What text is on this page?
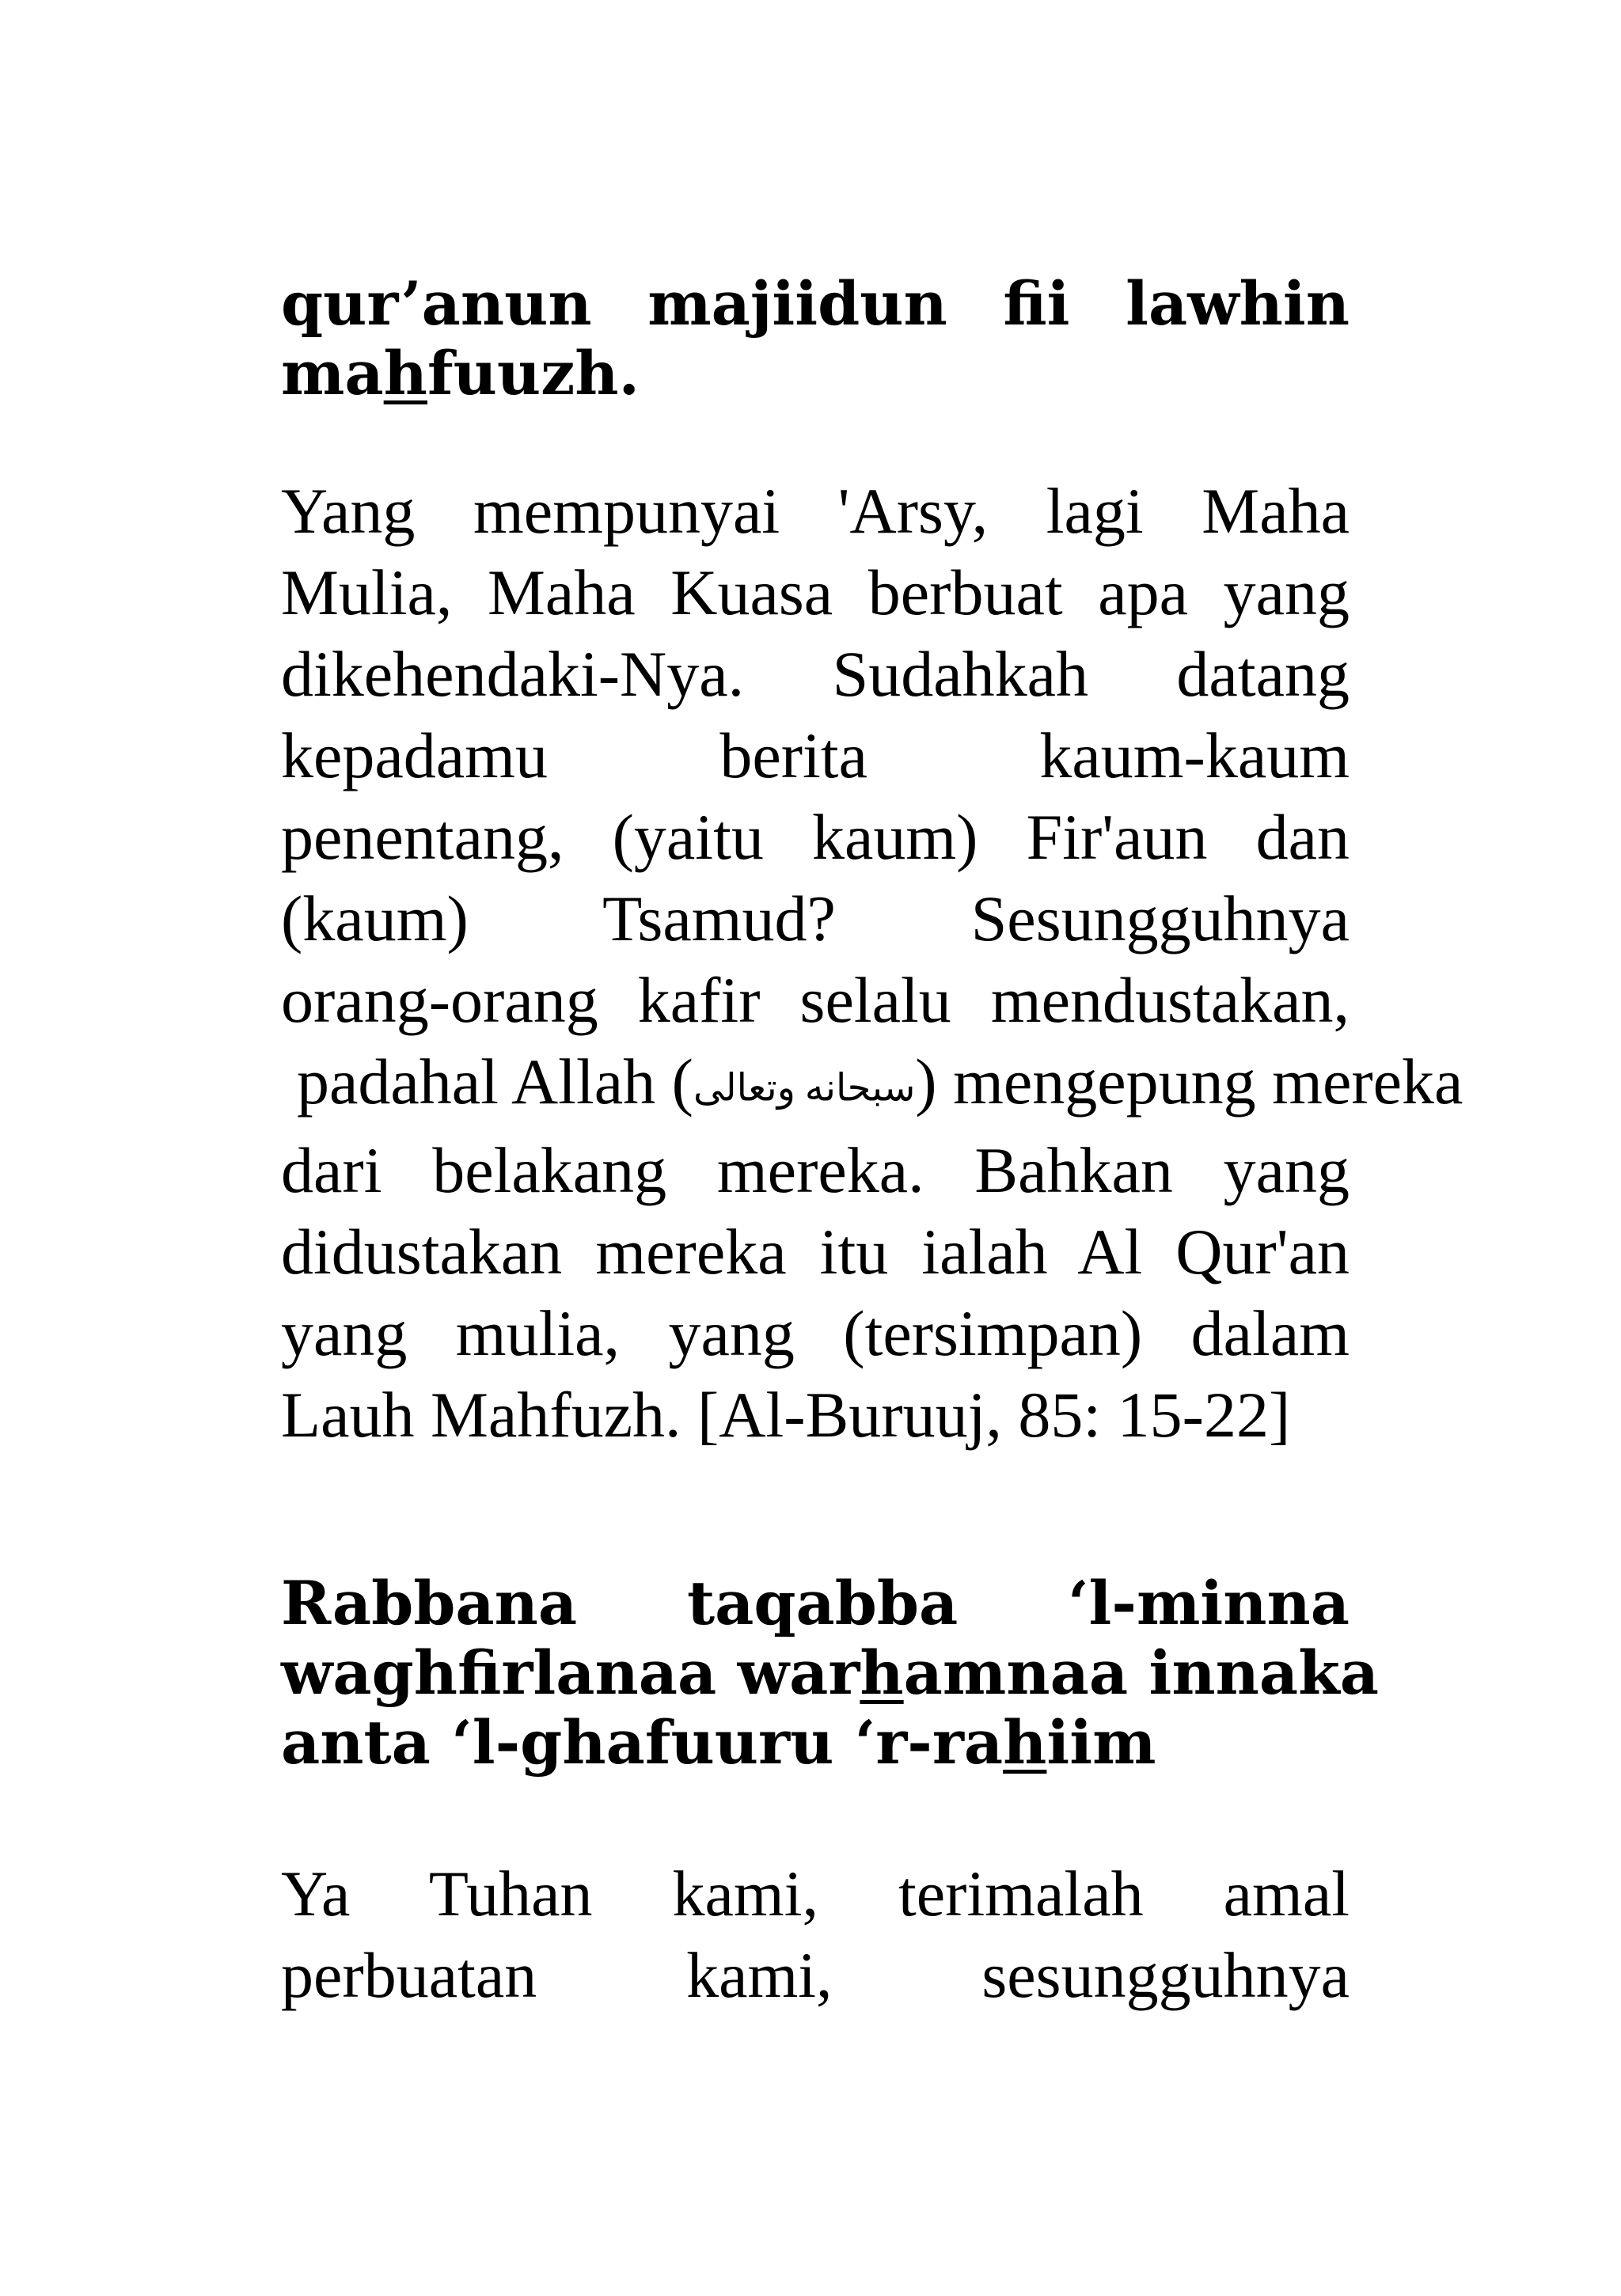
qur’anun majiidun fii lawhin
mahfuuzh.
Yang mempunyai 'Arsy, lagi Maha
Mulia, Maha Kuasa berbuat apa yang
dikehendaki-Nya. Sudahkah datang
kepadamu berita kaum-kaum
penentang, (yaitu kaum) Fir'aun dan
(kaum) Tsamud? Sesungguhnya
orang-orang kafir selalu mendustakan,
padahal Allah (سبحانه وتعالى) mengepung mereka
dari belakang mereka. Bahkan yang
didustakan mereka itu ialah Al Qur'an
yang mulia, yang (tersimpan) dalam
Lauh Mahfuzh. [Al-Buruuj, 85: 15-22]
Rabbana taqabba ‘l-minna
waghfirlanaa warhamnaa innaka
anta ‘l-ghafuuru ‘r-rahiim
Ya Tuhan kami, terimalah amal
perbuatan kami, sesungguhnya
